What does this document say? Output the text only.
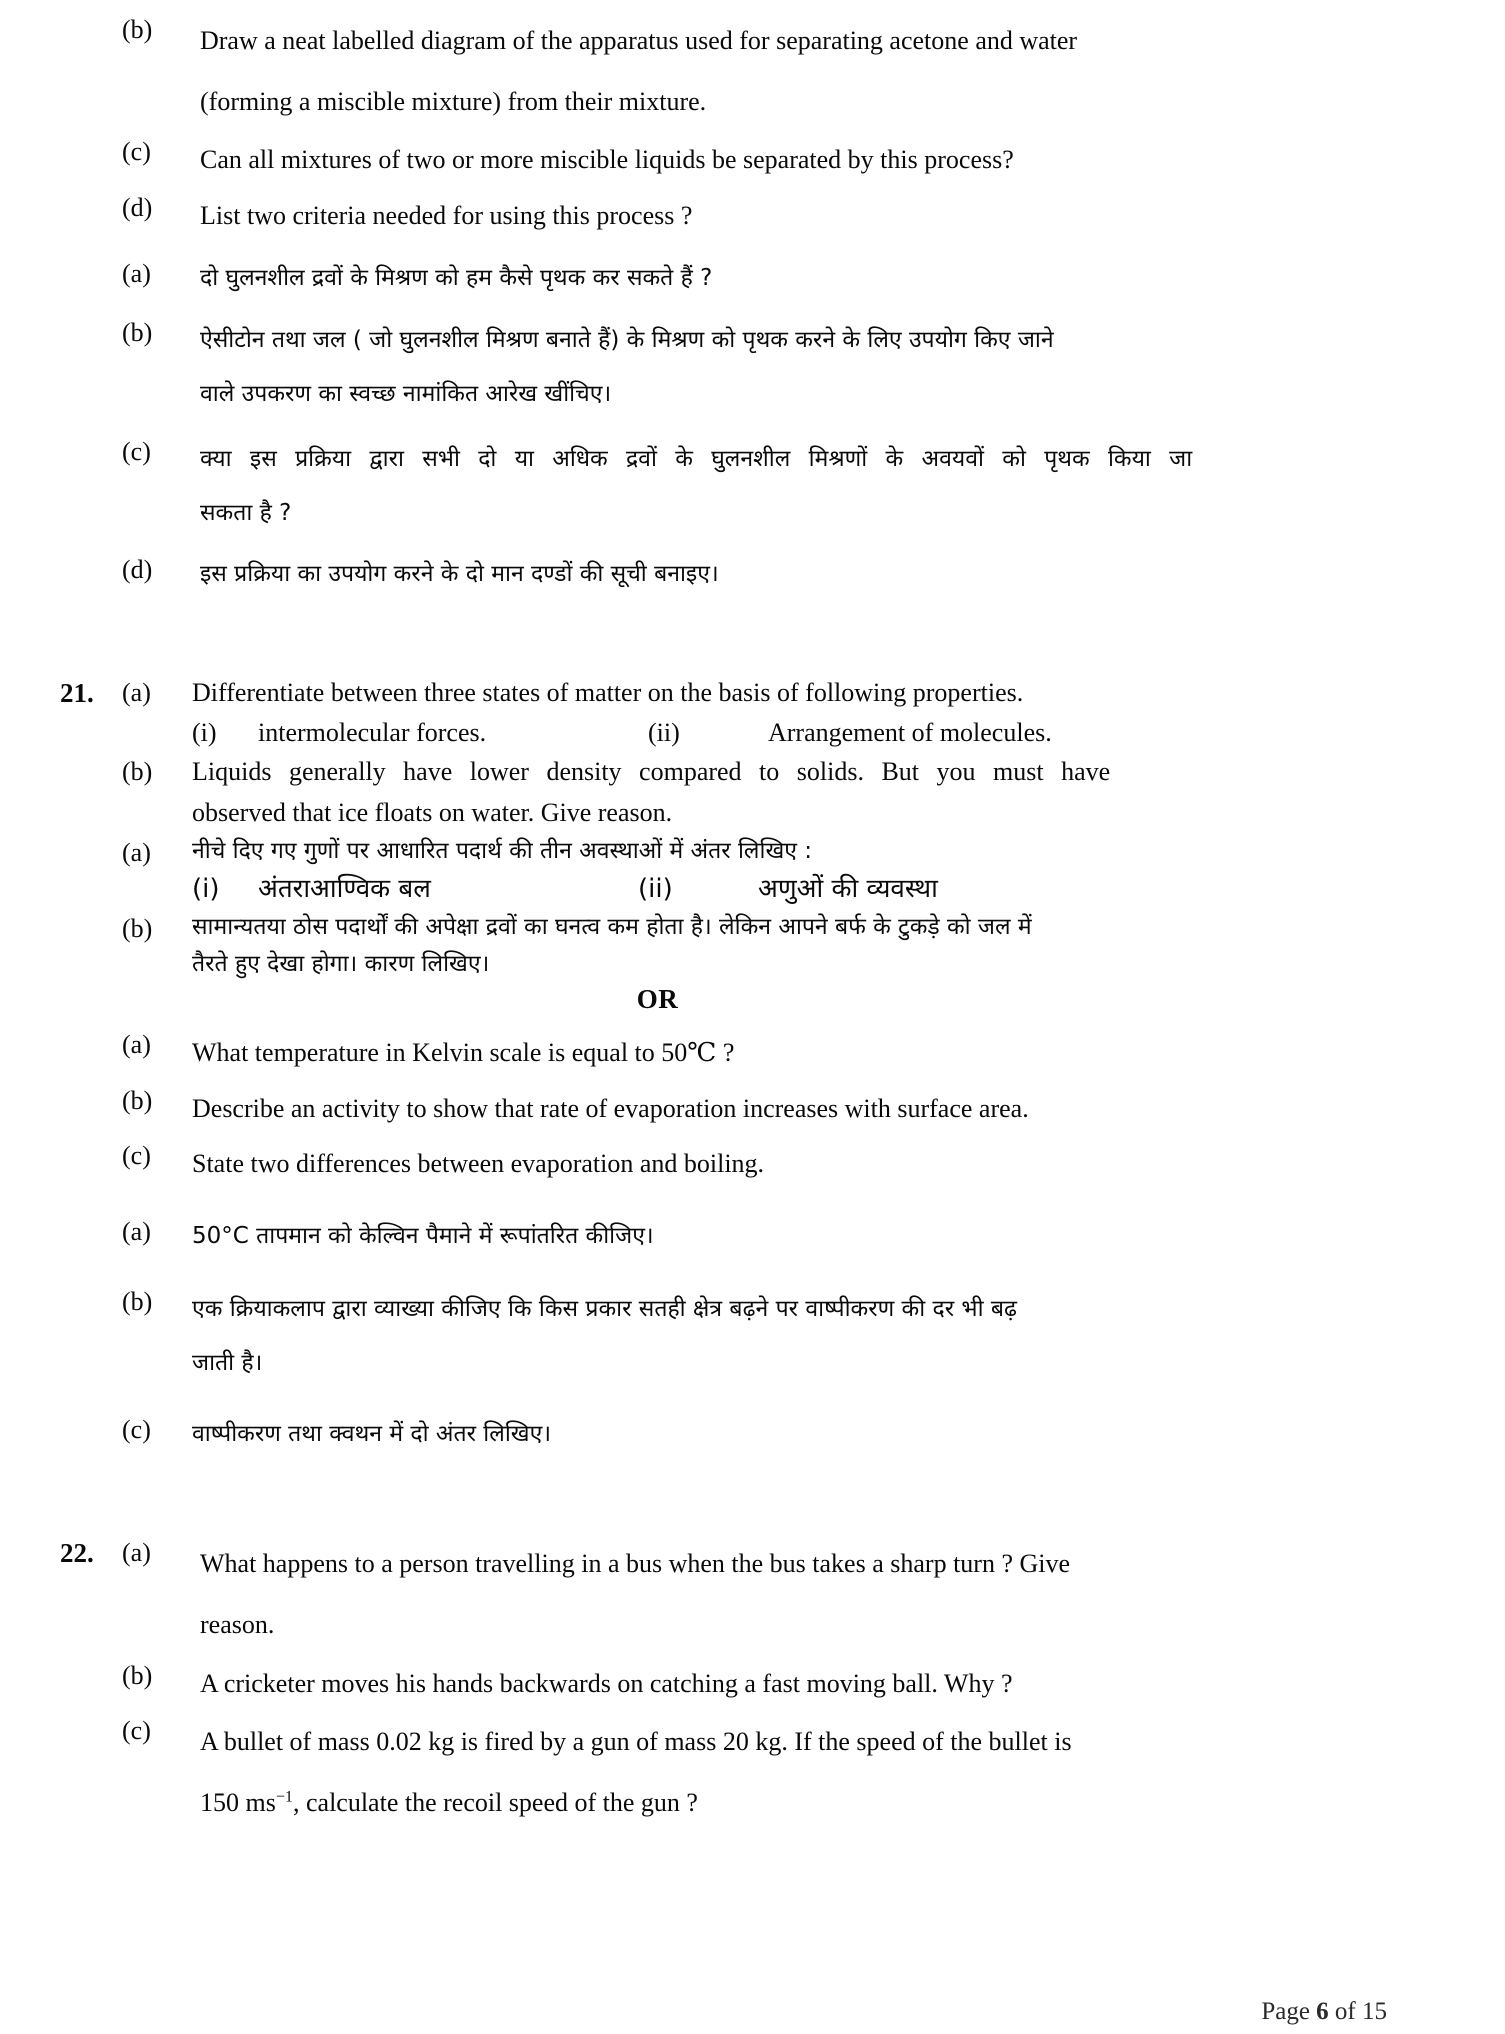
(b)	Draw a neat labelled diagram of the apparatus used for separating acetone and water
(forming a miscible mixture) from their mixture.
(c)	Can all mixtures of two or more miscible liquids be separated by this process?
(d)	List two criteria needed for using this process ?
(a)	दो घुलनशील द्रवों के मिश्रण को हम कैसे पृथक कर सकते हैं ?
(b)	ऐसीटोन तथा जल ( जो घुलनशील मिश्रण बनाते हैं) के मिश्रण को पृथक करने के लिए उपयोग किए जाने
वाले उपकरण का स्वच्छ नामांकित आरेख खींचिए।
(c)	क्या इस प्रक्रिया द्वारा सभी दो या अधिक द्रवों के घुलनशील मिश्रणों के अवयवों को पृथक किया जा
सकता है ?
(d)	इस प्रक्रिया का उपयोग करने के दो मान दण्डों की सूची बनाइए।
21.	(a)	Differentiate between three states of matter on the basis of following properties.
(i)	intermolecular forces.	(ii)	Arrangement of molecules.
(b)	Liquids generally have lower density compared to solids. But you must have
observed that ice floats on water. Give reason.
(a)	नीचे दिए गए गुणों पर आधारित पदार्थ की तीन अवस्थाओं में अंतर लिखिए :
(i)	अंतराआण्विक बल	(ii)	अणुओं की व्यवस्था
(b)	सामान्यतया ठोस पदार्थों की अपेक्षा द्रवों का घनत्व कम होता है। लेकिन आपने बर्फ के टुकड़े को जल में
तैरते हुए देखा होगा। कारण लिखिए।
OR
(a)	What temperature in Kelvin scale is equal to 50℃ ?
(b)	Describe an activity to show that rate of evaporation increases with surface area.
(c)	State two differences between evaporation and boiling.
(a)	50°C तापमान को केल्विन पैमाने में रूपांतरित कीजिए।
(b)	एक क्रियाकलाप द्वारा व्याख्या कीजिए कि किस प्रकार सतही क्षेत्र बढ़ने पर वाष्पीकरण की दर भी बढ़
जाती है।
(c)	वाष्पीकरण तथा क्वथन में दो अंतर लिखिए।
22.	(a)	What happens to a person travelling in a bus when the bus takes a sharp turn ? Give
reason.
(b)	A cricketer moves his hands backwards on catching a fast moving ball. Why ?
(c)	A bullet of mass 0.02 kg is fired by a gun of mass 20 kg. If the speed of the bullet is
150 $ms^{-1}$, calculate the recoil speed of the gun ?
Page 6 of 15
